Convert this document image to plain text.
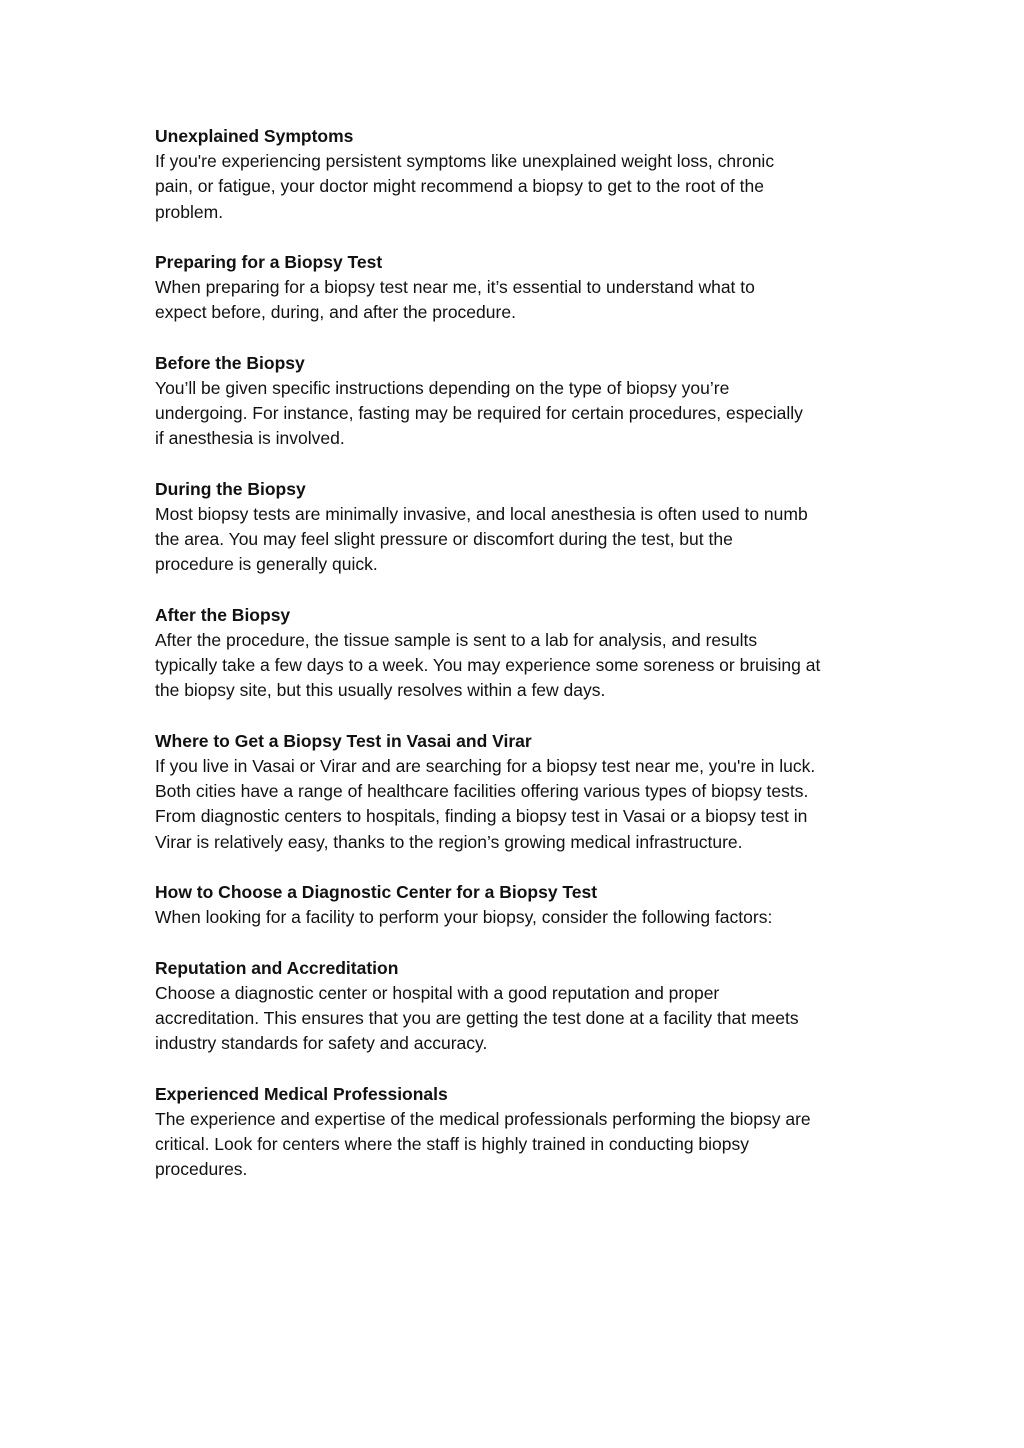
Unexplained Symptoms
If you're experiencing persistent symptoms like unexplained weight loss, chronic
pain, or fatigue, your doctor might recommend a biopsy to get to the root of the
problem.
Preparing for a Biopsy Test
When preparing for a biopsy test near me, it’s essential to understand what to
expect before, during, and after the procedure.
Before the Biopsy
You’ll be given specific instructions depending on the type of biopsy you’re
undergoing. For instance, fasting may be required for certain procedures, especially
if anesthesia is involved.
During the Biopsy
Most biopsy tests are minimally invasive, and local anesthesia is often used to numb
the area. You may feel slight pressure or discomfort during the test, but the
procedure is generally quick.
After the Biopsy
After the procedure, the tissue sample is sent to a lab for analysis, and results
typically take a few days to a week. You may experience some soreness or bruising at
the biopsy site, but this usually resolves within a few days.
Where to Get a Biopsy Test in Vasai and Virar
If you live in Vasai or Virar and are searching for a biopsy test near me, you're in luck.
Both cities have a range of healthcare facilities offering various types of biopsy tests.
From diagnostic centers to hospitals, finding a biopsy test in Vasai or a biopsy test in
Virar is relatively easy, thanks to the region’s growing medical infrastructure.
How to Choose a Diagnostic Center for a Biopsy Test
When looking for a facility to perform your biopsy, consider the following factors:
Reputation and Accreditation
Choose a diagnostic center or hospital with a good reputation and proper
accreditation. This ensures that you are getting the test done at a facility that meets
industry standards for safety and accuracy.
Experienced Medical Professionals
The experience and expertise of the medical professionals performing the biopsy are
critical. Look for centers where the staff is highly trained in conducting biopsy
procedures.
